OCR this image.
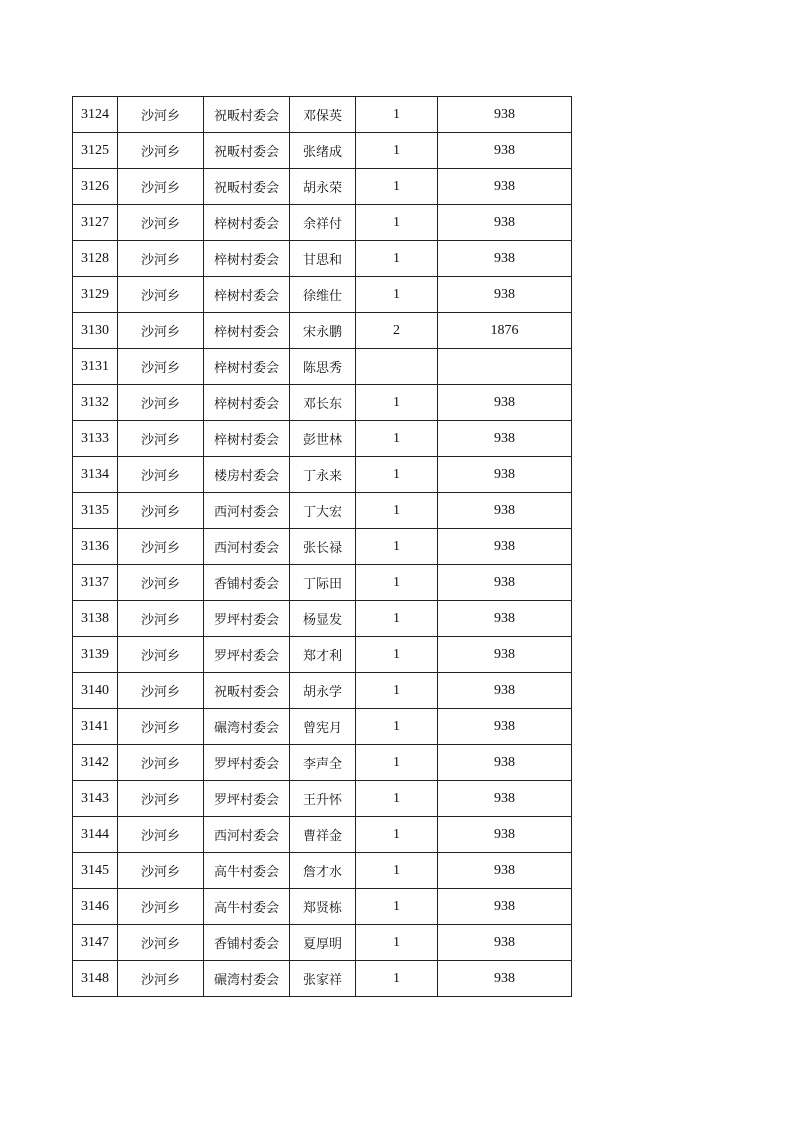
3124	沙河乡	祝畈村委会	邓保英	1	938
3125	沙河乡	祝畈村委会	张绪成	1	938
3126	沙河乡	祝畈村委会	胡永荣	1	938
3127	沙河乡	梓树村委会	余祥付	1	938
3128	沙河乡	梓树村委会	甘思和	1	938
3129	沙河乡	梓树村委会	徐维仕	1	938
3130	沙河乡	梓树村委会	宋永鹏	2	1876
3131	沙河乡	梓树村委会	陈思秀		
3132	沙河乡	梓树村委会	邓长东	1	938
3133	沙河乡	梓树村委会	彭世林	1	938
3134	沙河乡	楼房村委会	丁永来	1	938
3135	沙河乡	西河村委会	丁大宏	1	938
3136	沙河乡	西河村委会	张长禄	1	938
3137	沙河乡	香铺村委会	丁际田	1	938
3138	沙河乡	罗坪村委会	杨显发	1	938
3139	沙河乡	罗坪村委会	郑才利	1	938
3140	沙河乡	祝畈村委会	胡永学	1	938
3141	沙河乡	碾湾村委会	曾宪月	1	938
3142	沙河乡	罗坪村委会	李声全	1	938
3143	沙河乡	罗坪村委会	王升怀	1	938
3144	沙河乡	西河村委会	曹祥金	1	938
3145	沙河乡	高牛村委会	詹才水	1	938
3146	沙河乡	高牛村委会	郑贤栋	1	938
3147	沙河乡	香铺村委会	夏厚明	1	938
3148	沙河乡	碾湾村委会	张家祥	1	938
